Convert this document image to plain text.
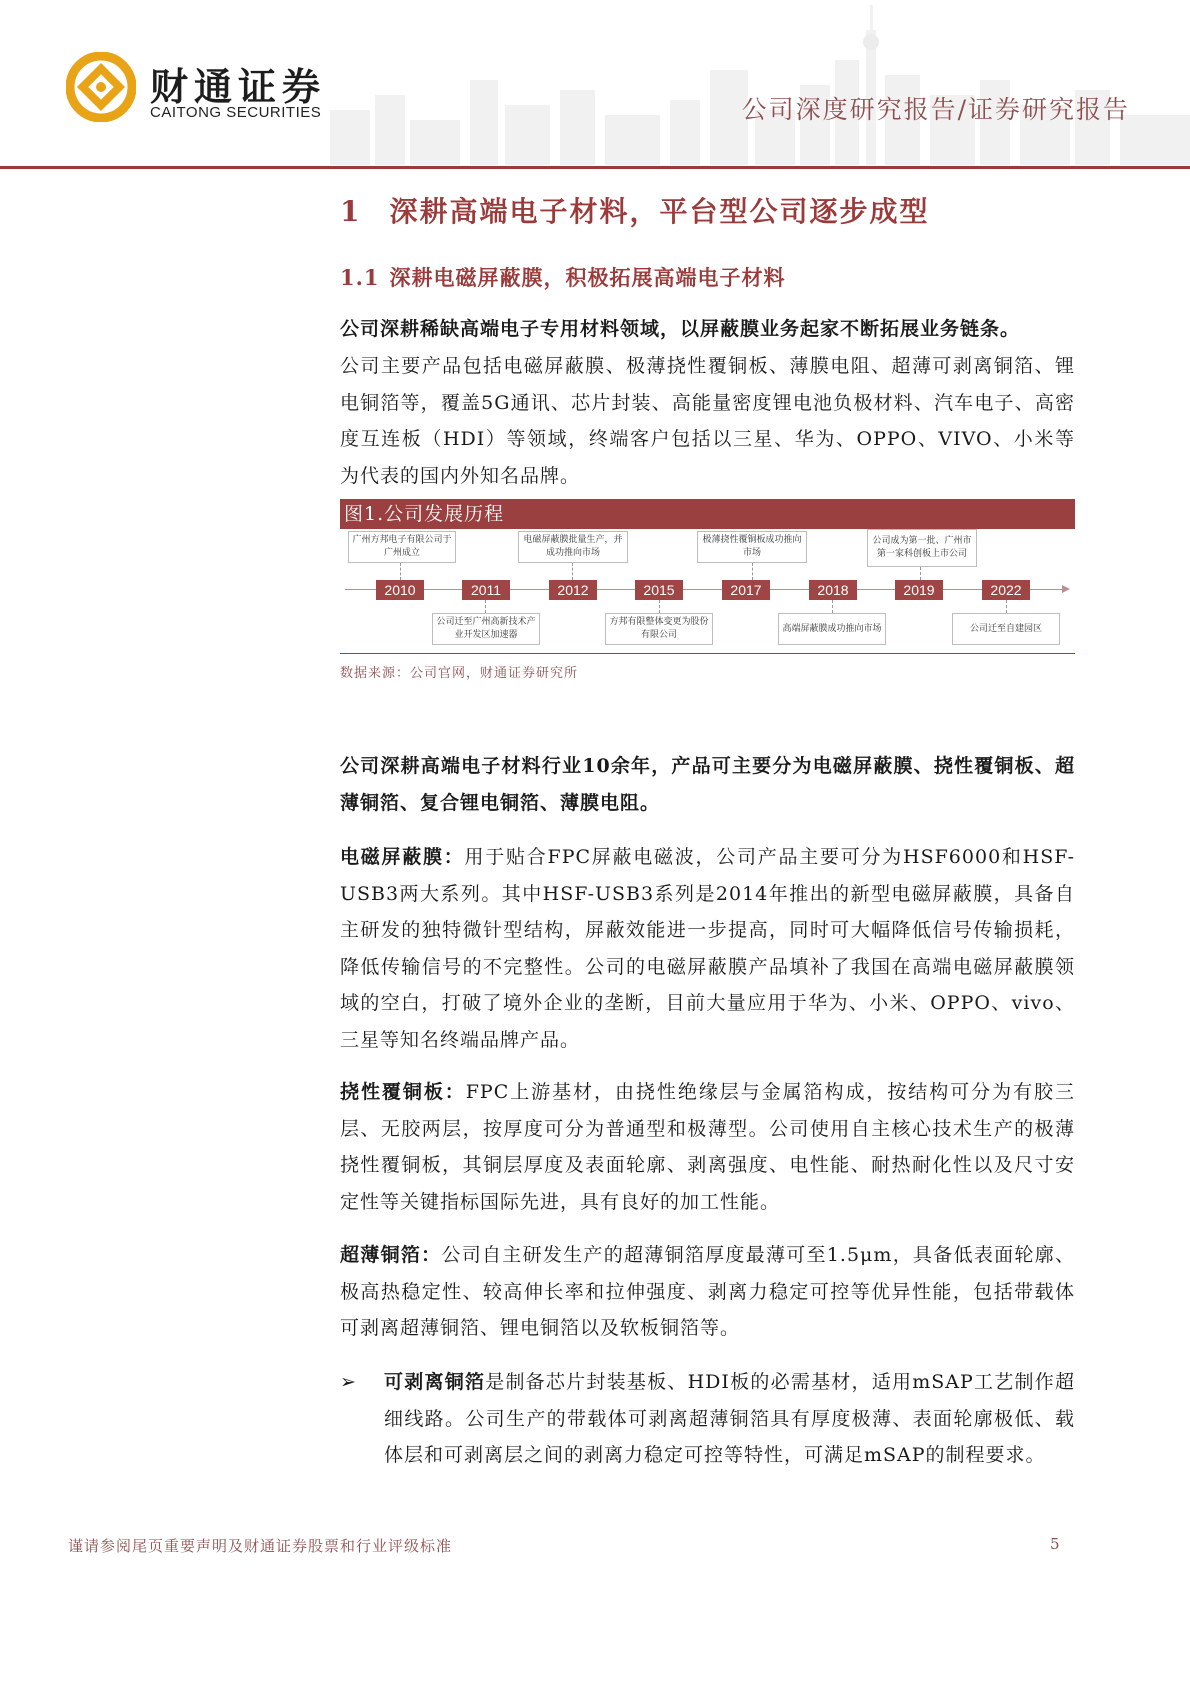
财通证券
CAITONG SECURITIES	公司深度研究报告/证券研究报告
1 深耕高端电子材料，平台型公司逐步成型
1.1 深耕电磁屏蔽膜，积极拓展高端电子材料
公司深耕稀缺高端电子专用材料领域，以屏蔽膜业务起家不断拓展业务链条。
公司主要产品包括电磁屏蔽膜、极薄挠性覆铜板、薄膜电阻、超薄可剥离铜箔、锂电铜箔等，覆盖5G通讯、芯片封装、高能量密度锂电池负极材料、汽车电子、高密度互连板（HDI）等领域，终端客户包括以三星、华为、OPPO、VIVO、小米等为代表的国内外知名品牌。
图1.公司发展历程
广州方邦电子有限公司于广州成立
电磁屏蔽膜批量生产，并成功推向市场
极薄挠性覆铜板成功推向市场
公司成为第一批、广州市第一家科创板上市公司
2010	2011	2012	2015	2017	2018	2019	2022
公司迁至广州高新技术产业开发区加速器
方邦有限整体变更为股份有限公司
高端屏蔽膜成功推向市场	公司迁至自建园区
数据来源：公司官网，财通证券研究所
公司深耕高端电子材料行业10余年，产品可主要分为电磁屏蔽膜、挠性覆铜板、超薄铜箔、复合锂电铜箔、薄膜电阻。
电磁屏蔽膜：用于贴合FPC屏蔽电磁波，公司产品主要可分为HSF6000和HSF-USB3两大系列。其中HSF-USB3系列是2014年推出的新型电磁屏蔽膜，具备自主研发的独特微针型结构，屏蔽效能进一步提高，同时可大幅降低信号传输损耗，降低传输信号的不完整性。公司的电磁屏蔽膜产品填补了我国在高端电磁屏蔽膜领域的空白，打破了境外企业的垄断，目前大量应用于华为、小米、OPPO、vivo、三星等知名终端品牌产品。
挠性覆铜板：FPC上游基材，由挠性绝缘层与金属箔构成，按结构可分为有胶三层、无胶两层，按厚度可分为普通型和极薄型。公司使用自主核心技术生产的极薄挠性覆铜板，其铜层厚度及表面轮廓、剥离强度、电性能、耐热耐化性以及尺寸安定性等关键指标国际先进，具有良好的加工性能。
超薄铜箔：公司自主研发生产的超薄铜箔厚度最薄可至1.5μm，具备低表面轮廓、极高热稳定性、较高伸长率和拉伸强度、剥离力稳定可控等优异性能，包括带载体可剥离超薄铜箔、锂电铜箔以及软板铜箔等。
➢ 可剥离铜箔是制备芯片封装基板、HDI板的必需基材，适用mSAP工艺制作超细线路。公司生产的带载体可剥离超薄铜箔具有厚度极薄、表面轮廓极低、载体层和可剥离层之间的剥离力稳定可控等特性，可满足mSAP的制程要求。
谨请参阅尾页重要声明及财通证券股票和行业评级标准	5
